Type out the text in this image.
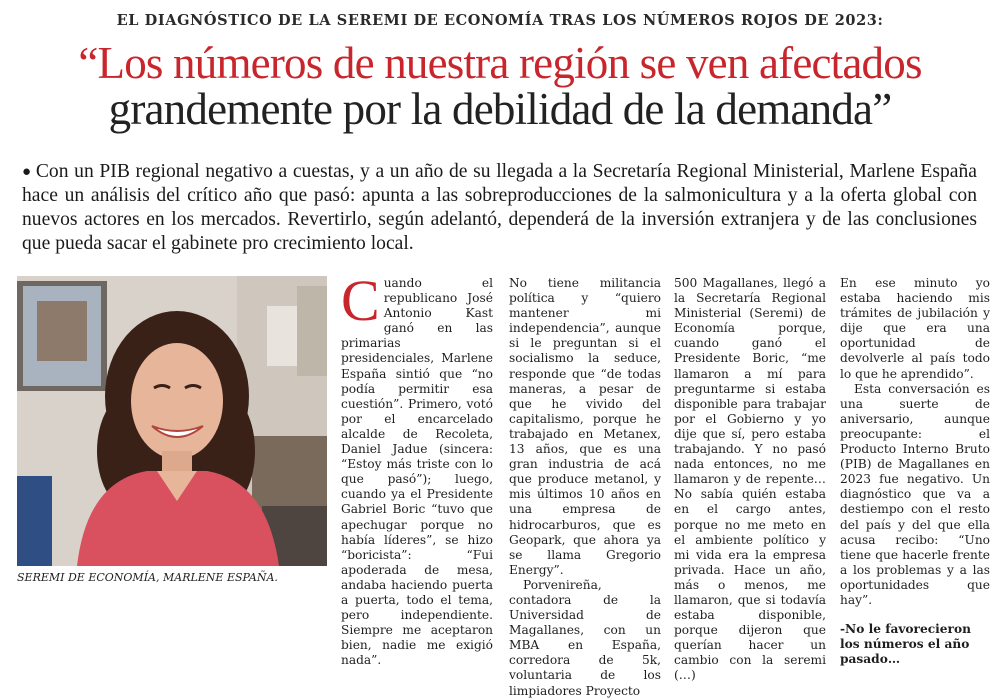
EL DIAGNÓSTICO DE LA SEREMI DE ECONOMÍA TRAS LOS NÚMEROS ROJOS DE 2023:
“Los números de nuestra región se ven afectados
grandemente por la debilidad de la demanda”
● Con un PIB regional negativo a cuestas, y a un año de su llegada a la Secretaría Regional Ministerial, Marlene España hace un análisis del crítico año que pasó: apunta a las sobreproducciones de la salmonicultura y a la oferta global con nuevos actores en los mercados. Revertirlo, según adelantó, dependerá de la inversión extranjera y de las conclusiones que pueda sacar el gabinete pro crecimiento local.
SEREMI DE ECONOMÍA, MARLENE ESPAÑA.

Cuando el republicano José Antonio Kast ganó en las primarias presidenciales, Marlene España sintió que “no podía permitir esa cuestión”. Primero, votó por el encarcelado alcalde de Recoleta, Daniel Jadue (sincera: “Estoy más triste con lo que pasó”); luego, cuando ya el Presidente Gabriel Boric “tuvo que apechugar porque no había líderes”, se hizo “boricista”: “Fui apoderada de mesa, andaba haciendo puerta a puerta, todo el tema, pero independiente. Siempre me aceptaron bien, nadie me exigió nada”.

No tiene militancia política y “quiero mantener mi independencia”, aunque si le preguntan si el socialismo la seduce, responde que “de todas maneras, a pesar de que he vivido del capitalismo, porque he trabajado en Metanex, 13 años, que es una gran industria de acá que produce metanol, y mis últimos 10 años en una empresa de hidrocarburos, que es Geopark, que ahora ya se llama Gregorio Energy”.

Porvenireña, contadora de la Universidad de Magallanes, con un MBA en España, corredora de 5k, voluntaria de los limpiadores Proyecto

500 Magallanes, llegó a la Secretaría Regional Ministerial (Seremi) de Economía porque, cuando ganó el Presidente Boric, “me llamaron a mí para preguntarme si estaba disponible para trabajar por el Gobierno y yo dije que sí, pero estaba trabajando. Y no pasó nada entonces, no me llamaron y de repente… No sabía quién estaba en el cargo antes, porque no me meto en el ambiente político y mi vida era la empresa privada. Hace un año, más o menos, me llamaron, que si todavía estaba disponible, porque dijeron que querían hacer un cambio con la seremi (…)

En ese minuto yo estaba haciendo mis trámites de jubilación y dije que era una oportunidad de devolverle al país todo lo que he aprendido”.

Esta conversación es una suerte de aniversario, aunque preocupante: el Producto Interno Bruto (PIB) de Magallanes en 2023 fue negativo. Un diagnóstico que va a destiempo con el resto del país y del que ella acusa recibo: “Uno tiene que hacerle frente a los problemas y a las oportunidades que hay”.

-No le favorecieron los números el año pasado…
